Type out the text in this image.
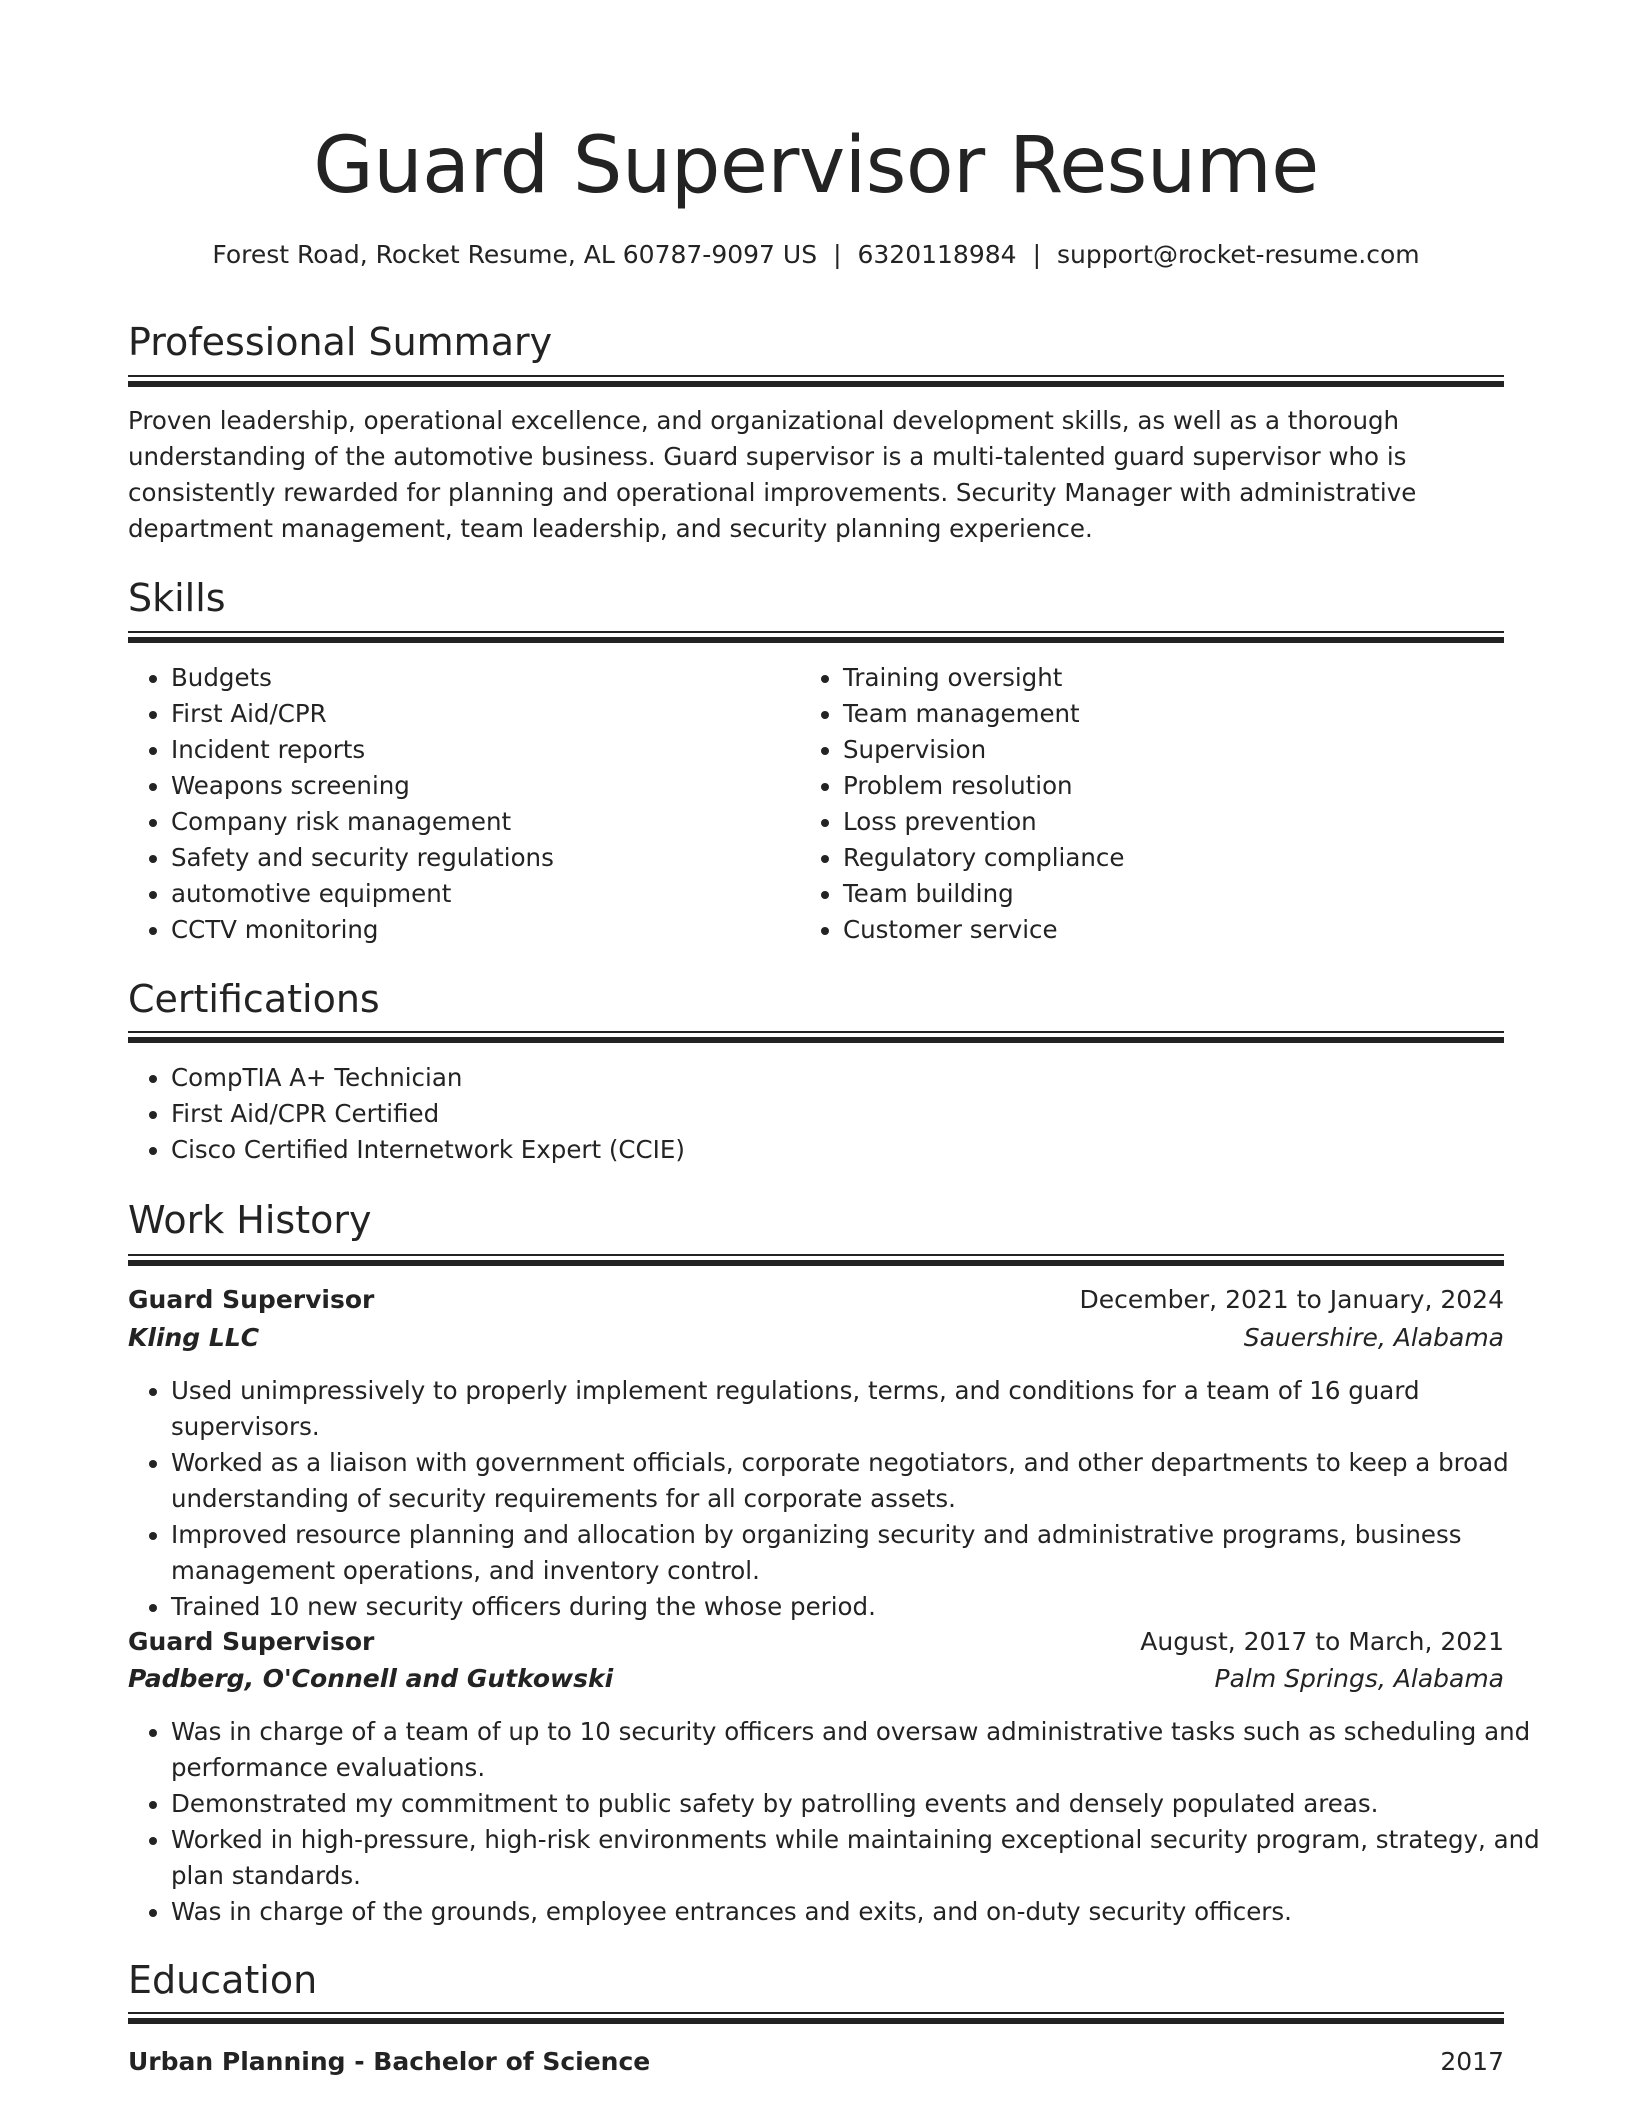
Guard Supervisor Resume
Forest Road, Rocket Resume, AL 60787-9097 US | 6320118984 | support@rocket-resume.com
Professional Summary

Proven leadership, operational excellence, and organizational development skills, as well as a thorough understanding of the automotive business. Guard supervisor is a multi-talented guard supervisor who is consistently rewarded for planning and operational improvements. Security Manager with administrative department management, team leadership, and security planning experience.

Skills
• Budgets
• First Aid/CPR
• Incident reports
• Weapons screening
• Company risk management
• Safety and security regulations
• automotive equipment
• CCTV monitoring
• Training oversight
• Team management
• Supervision
• Problem resolution
• Loss prevention
• Regulatory compliance
• Team building
• Customer service
Certifications
• CompTIA A+ Technician
• First Aid/CPR Certified
• Cisco Certified Internetwork Expert (CCIE)
Work History
Guard Supervisor	December, 2021 to January, 2024
Kling LLC	Sauershire, Alabama
• Used unimpressively to properly implement regulations, terms, and conditions for a team of 16 guard supervisors.
• Worked as a liaison with government officials, corporate negotiators, and other departments to keep a broad understanding of security requirements for all corporate assets.
• Improved resource planning and allocation by organizing security and administrative programs, business management operations, and inventory control.
• Trained 10 new security officers during the whose period.
Guard Supervisor	August, 2017 to March, 2021
Padberg, O'Connell and Gutkowski	Palm Springs, Alabama
• Was in charge of a team of up to 10 security officers and oversaw administrative tasks such as scheduling and performance evaluations.
• Demonstrated my commitment to public safety by patrolling events and densely populated areas.
• Worked in high-pressure, high-risk environments while maintaining exceptional security program, strategy, and plan standards.
• Was in charge of the grounds, employee entrances and exits, and on-duty security officers.
Education
Urban Planning - Bachelor of Science	2017
